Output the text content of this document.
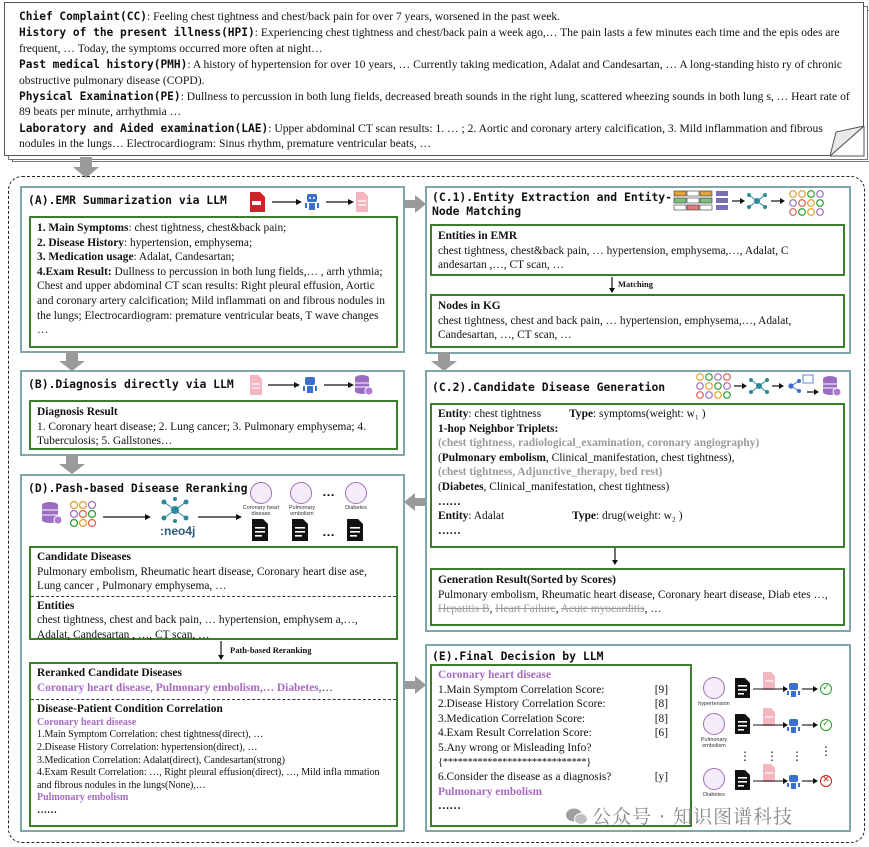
Chief Complaint(CC): Feeling chest tightness and chest/back pain for over 7 years, worsened in the past week.

History of the present illness(HPI): Experiencing chest tightness and chest/back pain a week ago,… The pain lasts a few minutes each time and the epis odes are frequent, … Today, the symptoms occurred more often at night…

Past medical history(PMH): A history of hypertension for over 10 years, … Currently taking medication, Adalat and Candesartan, … A long-standing histo ry of chronic obstructive pulmonary disease (COPD).

Physical Examination(PE): Dullness to percussion in both lung fields, decreased breath sounds in the right lung, scattered wheezing sounds in both lung s, … Heart rate of 89 beats per minute, arrhythmia …

Laboratory and Aided examination(LAE): Upper abdominal CT scan results: 1. … ; 2. Aortic and coronary artery calcification, 3. Mild inflammation and fibrous nodules in the lungs… Electrocardiogram: Sinus rhythm, premature ventricular beats, …

(A).EMR Summarization via LLM
1. Main Symptoms: chest tightness, chest&back pain;
2. Disease History: hypertension, emphysema;
3. Medication usage: Adalat, Candesartan;
4.Exam Result: Dullness to percussion in both lung fields,… , arrh ythmia; Chest and upper abdominal CT scan results: Right pleural effusion, Aortic and coronary artery calcification; Mild inflammati on and fibrous nodules in the lungs; Electrocardiogram: premature ventricular beats, T wave changes …
(B).Diagnosis directly via LLM
Diagnosis Result
1. Coronary heart disease; 2. Lung cancer; 3. Pulmonary emphysema; 4. Tuberculosis; 5. Gallstones…
(D).Pash-based Disease Reranking
:neo4j
Coronary heart disease
Pulmonary embolism
…
Diabetes
…
Candidate Diseases
Pulmonary embolism, Rheumatic heart disease, Coronary heart dise ase, Lung cancer , Pulmonary emphysema, …
Entities
chest tightness, chest and back pain, … hypertension, emphysem a,…, Adalat, Candesartan , …, CT scan, …
Path-based Reranking
Reranked Candidate Diseases
Coronary heart disease, Pulmonary embolism,… Diabetes,…
Disease-Patient Condition Correlation
Coronary heart disease
1.Main Symptom Correlation: chest tightness(direct), …
2.Disease History Correlation: hypertension(direct), …
3.Medication Correlation: Adalat(direct), Candesartan(strong)
4.Exam Result Correlation: …, Right pleural effusion(direct), …, Mild infla mmation and fibrous nodules in the lungs(None),…
Pulmonary embolism
……
(C.1).Entity Extraction and Entity-
Node Matching
Entities in EMR
chest tightness, chest&back pain, … hypertension, emphysema,…, Adalat, C andesartan ,…, CT scan, …
Matching
Nodes in KG
chest tightness, chest and back pain, … hypertension, emphysema,…, Adalat, Candesartan, …, CT scan, …
(C.2).Candidate Disease Generation
Entity: chest tightness Type: symptoms(weight: w₁ )
1-hop Neighbor Triplets:
(chest tightness, radiological_examination, coronary angiography)
(Pulmonary embolism, Clinical_manifestation, chest tightness),
(chest tightness, Adjunctive_therapy, bed rest)
(Diabetes, Clinical_manifestation, chest tightness)
……
Entity: Adalat	Type: drug(weight: w₂ )
……
Generation Result(Sorted by Scores)
Pulmonary embolism, Rheumatic heart disease, Coronary heart disease, Diab etes …, Hepatitis B, Heart Failure, Acute myocarditis, …
(E).Final Decision by LLM
Coronary heart disease
1.Main Symptom Correlation Score:	[9]
2.Disease History Correlation Score:	[8]
3.Medication Correlation Score:	[8]
4.Exam Result Correlation Score:	[6]
5.Any wrong or Misleading Info?
{*****************************}
6.Consider the disease as a diagnosis?	[y]
Pulmonary embolism
……
hypertension
Pulmonary embolism
Diabetes
⋮ ⋮ ⋮
✓
✓
⋮
✕
公众号 · 知识图谱科技
